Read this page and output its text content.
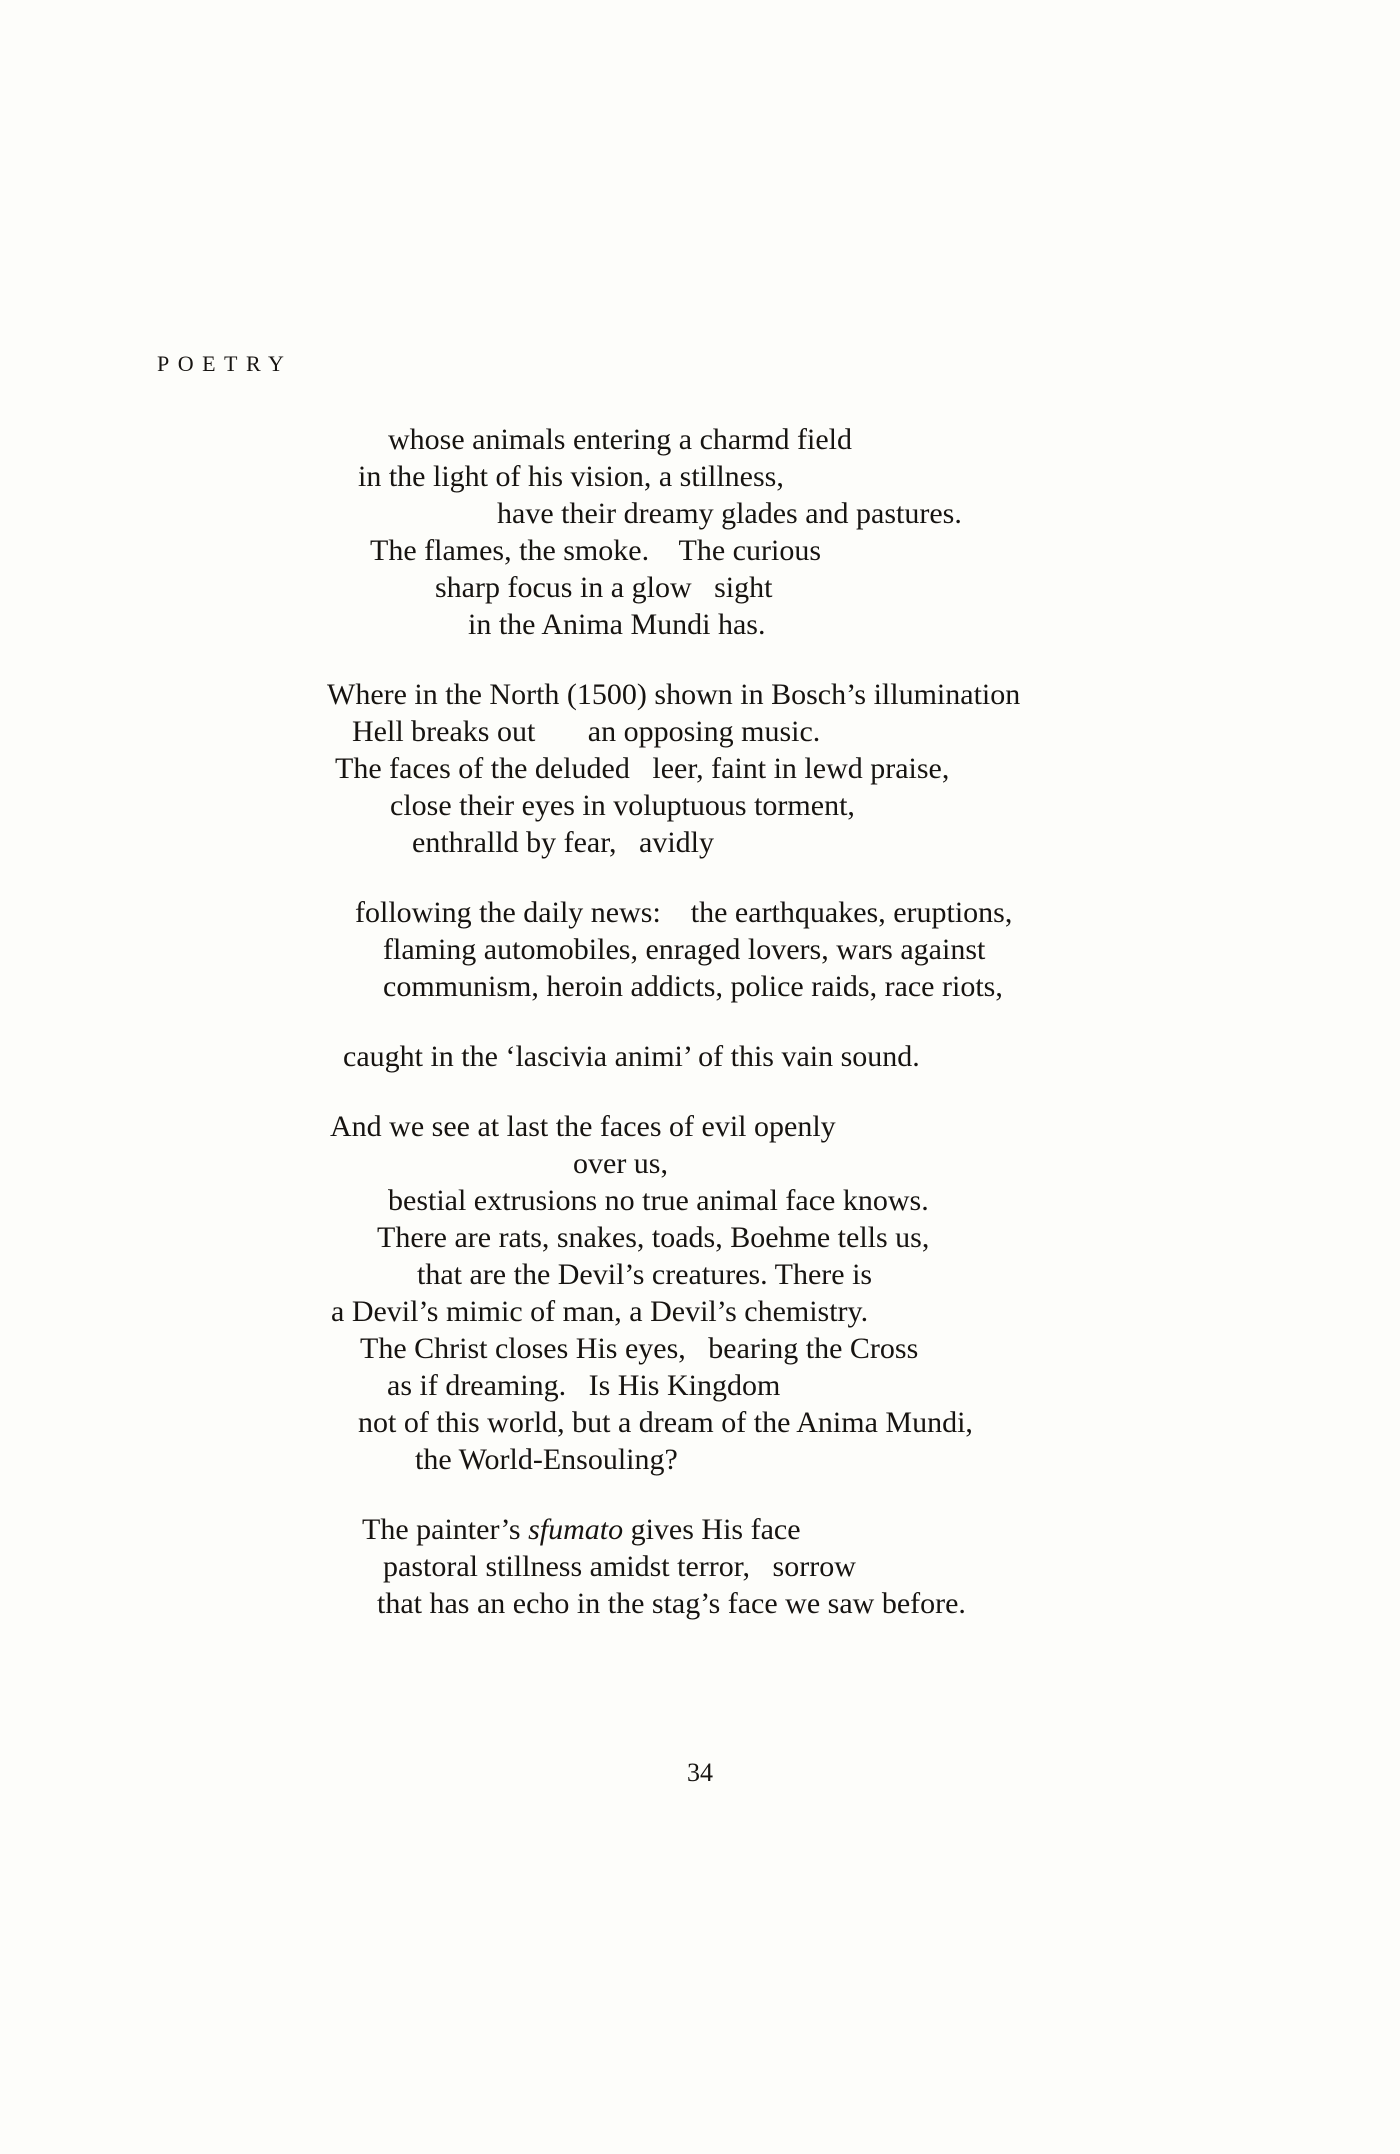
POETRY
whose animals entering a charmd field
in the light of his vision, a stillness,
have their dreamy glades and pastures.
The flames, the smoke.    The curious
sharp focus in a glow   sight
in the Anima Mundi has.
Where in the North (1500) shown in Bosch’s illumination
Hell breaks out       an opposing music.
The faces of the deluded   leer, faint in lewd praise,
close their eyes in voluptuous torment,
enthralld by fear,   avidly
following the daily news:    the earthquakes, eruptions,
flaming automobiles, enraged lovers, wars against
communism, heroin addicts, police raids, race riots,
caught in the ‘lascivia animi’ of this vain sound.
And we see at last the faces of evil openly
over us,
bestial extrusions no true animal face knows.
There are rats, snakes, toads, Boehme tells us,
that are the Devil’s creatures. There is
a Devil’s mimic of man, a Devil’s chemistry.
The Christ closes His eyes,   bearing the Cross
as if dreaming.   Is His Kingdom
not of this world, but a dream of the Anima Mundi,
the World-Ensouling?
The painter’s sfumato gives His face
pastoral stillness amidst terror,   sorrow
that has an echo in the stag’s face we saw before.
34
